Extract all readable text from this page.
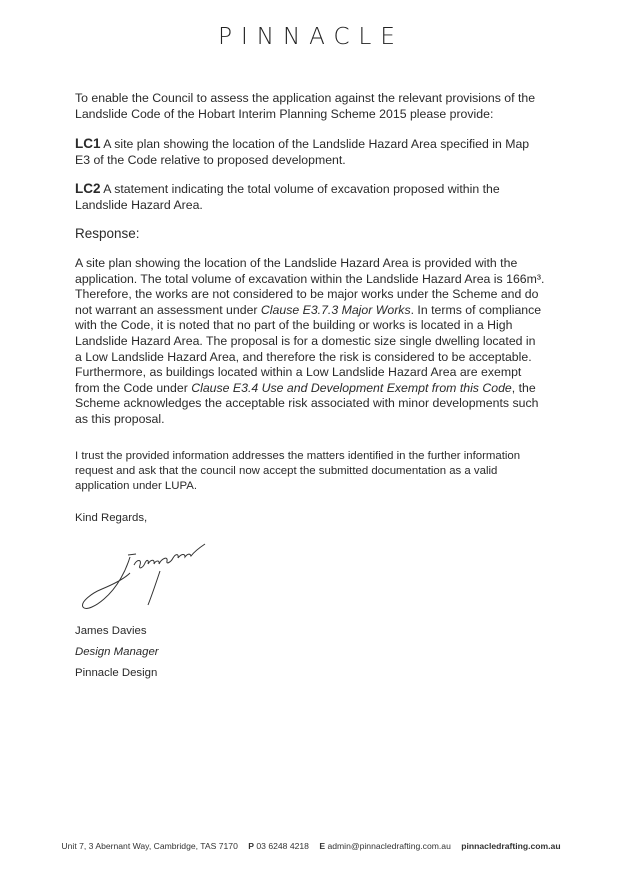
PINNACLE

To enable the Council to assess the application against the relevant provisions of the Landslide Code of the Hobart Interim Planning Scheme 2015 please provide:

LC1 A site plan showing the location of the Landslide Hazard Area specified in Map E3 of the Code relative to proposed development.

LC2 A statement indicating the total volume of excavation proposed within the Landslide Hazard Area.

Response:

A site plan showing the location of the Landslide Hazard Area is provided with the application. The total volume of excavation within the Landslide Hazard Area is 166m³. Therefore, the works are not considered to be major works under the Scheme and do not warrant an assessment under Clause E3.7.3 Major Works. In terms of compliance with the Code, it is noted that no part of the building or works is located in a High Landslide Hazard Area. The proposal is for a domestic size single dwelling located in a Low Landslide Hazard Area, and therefore the risk is considered to be acceptable. Furthermore, as buildings located within a Low Landslide Hazard Area are exempt from the Code under Clause E3.4 Use and Development Exempt from this Code, the Scheme acknowledges the acceptable risk associated with minor developments such as this proposal.

I trust the provided information addresses the matters identified in the further information request and ask that the council now accept the submitted documentation as a valid application under LUPA.

Kind Regards,

James Davies
Design Manager
Pinnacle Design

Unit 7, 3 Abernant Way, Cambridge, TAS 7170 P 03 6248 4218 E admin@pinnacledrafting.com.au pinnacledrafting.com.au
